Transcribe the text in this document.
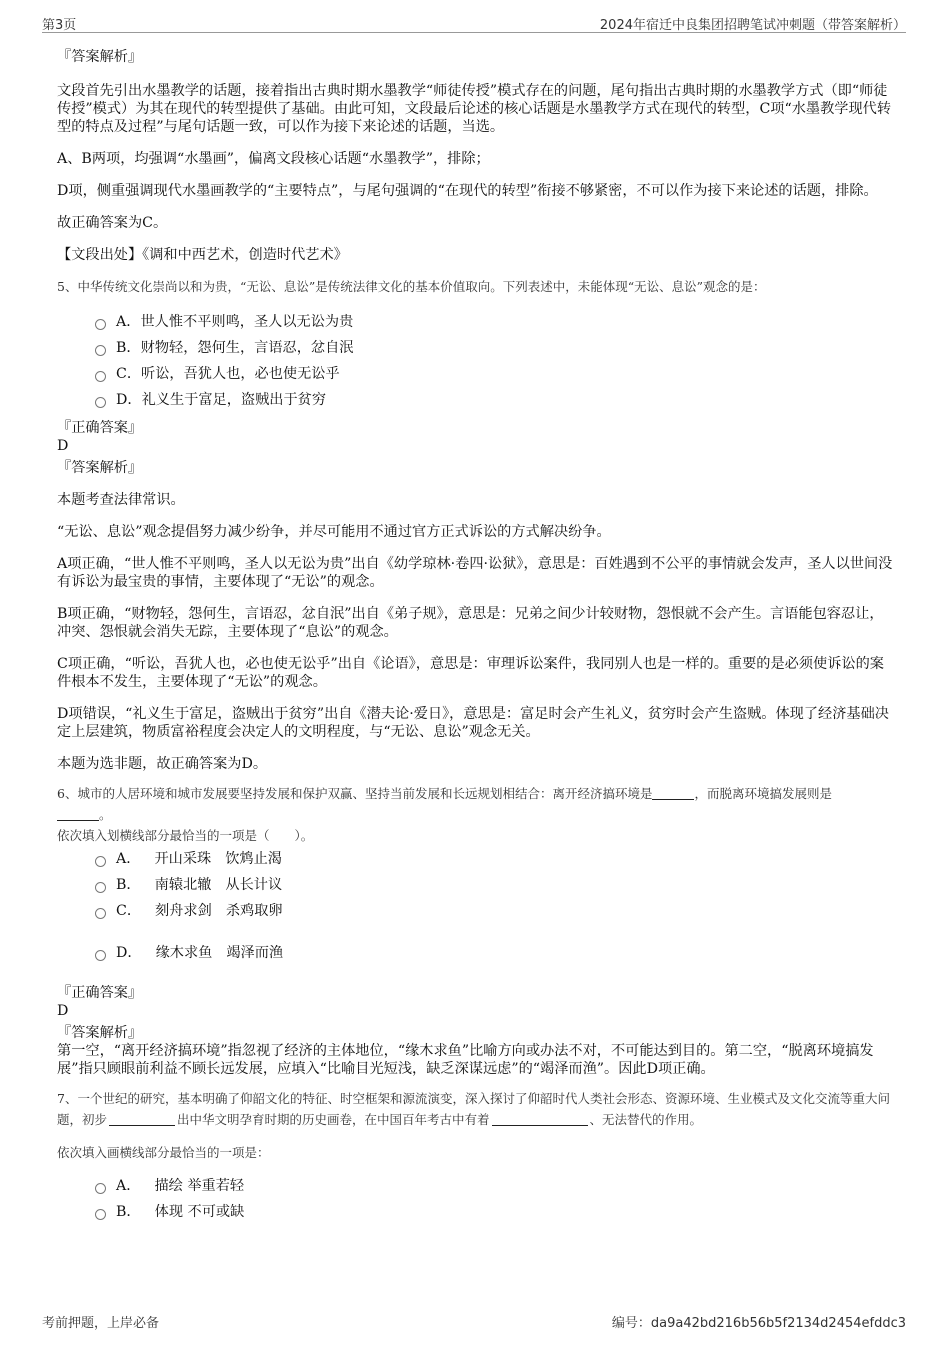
第3页	2024年宿迁中良集团招聘笔试冲刺题（带答案解析）
『答案解析』

文段首先引出水墨教学的话题，接着指出古典时期水墨教学“师徒传授”模式存在的问题，尾句指出古典时期的水墨教学方式（即“师徒传授”模式）为其在现代的转型提供了基础。由此可知，文段最后论述的核心话题是水墨教学方式在现代的转型，C项“水墨教学现代转型的特点及过程”与尾句话题一致，可以作为接下来论述的话题，当选。

A、B两项，均强调“水墨画”，偏离文段核心话题“水墨教学”，排除；

D项，侧重强调现代水墨画教学的“主要特点”，与尾句强调的“在现代的转型”衔接不够紧密，不可以作为接下来论述的话题，排除。

故正确答案为C。

【文段出处】《调和中西艺术，创造时代艺术》

5、中华传统文化崇尚以和为贵，“无讼、息讼”是传统法律文化的基本价值取向。下列表述中，未能体现“无讼、息讼”观念的是：

A． 世人惟不平则鸣，圣人以无讼为贵
B． 财物轻，怨何生，言语忍，忿自泯
C． 听讼，吾犹人也，必也使无讼乎
D． 礼义生于富足，盗贼出于贫穷
『正确答案』
D
『答案解析』

本题考查法律常识。

“无讼、息讼”观念提倡努力减少纷争，并尽可能用不通过官方正式诉讼的方式解决纷争。

A项正确，“世人惟不平则鸣，圣人以无讼为贵”出自《幼学琼林·卷四·讼狱》，意思是：百姓遇到不公平的事情就会发声，圣人以世间没有诉讼为最宝贵的事情，主要体现了“无讼”的观念。

B项正确，“财物轻，怨何生，言语忍，忿自泯”出自《弟子规》，意思是：兄弟之间少计较财物，怨恨就不会产生。言语能包容忍让，冲突、怨恨就会消失无踪，主要体现了“息讼”的观念。

C项正确，“听讼，吾犹人也，必也使无讼乎”出自《论语》，意思是：审理诉讼案件，我同别人也是一样的。重要的是必须使诉讼的案件根本不发生，主要体现了“无讼”的观念。

D项错误，“礼义生于富足，盗贼出于贫穷”出自《潜夫论·爱日》，意思是：富足时会产生礼义，贫穷时会产生盗贼。体现了经济基础决定上层建筑，物质富裕程度会决定人的文明程度，与“无讼、息讼”观念无关。

本题为选非题，故正确答案为D。

6、城市的人居环境和城市发展要坚持发展和保护双赢、坚持当前发展和长远规划相结合：离开经济搞环境是	，而脱离环境搞发展则是
。

依次填入划横线部分最恰当的一项是（　　）。

A． 开山采珠 饮鸩止渴
B． 南辕北辙 从长计议
C． 刻舟求剑 杀鸡取卵
D． 缘木求鱼 竭泽而渔
『正确答案』
D
『答案解析』

第一空，“离开经济搞环境”指忽视了经济的主体地位，“缘木求鱼”比喻方向或办法不对，不可能达到目的。第二空，“脱离环境搞发展”指只顾眼前利益不顾长远发展，应填入“比喻目光短浅，缺乏深谋远虑”的“竭泽而渔”。因此D项正确。

7、一个世纪的研究，基本明确了仰韶文化的特征、时空框架和源流演变，深入探讨了仰韶时代人类社会形态、资源环境、生业模式及文化交流等重大问题，初步	出中华文明孕育时期的历史画卷，在中国百年考古中有着	、无法替代的作用。

依次填入画横线部分最恰当的一项是：

A． 描绘 举重若轻
B． 体现 不可或缺
考前押题，上岸必备	编号：da9a42bd216b56b5f2134d2454efddc3
